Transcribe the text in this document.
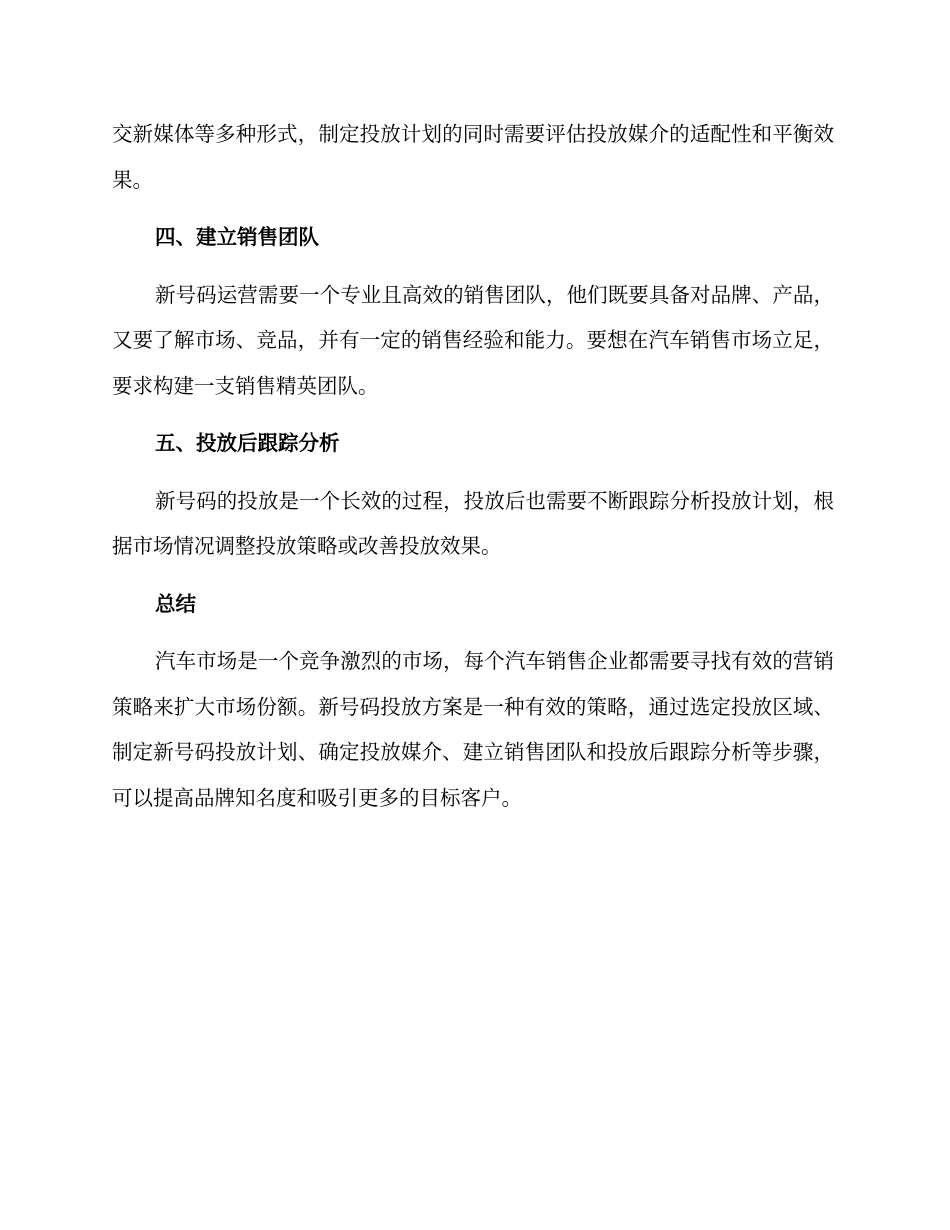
交新媒体等多种形式，制定投放计划的同时需要评估投放媒介的适配性和平衡效果。

四、建立销售团队

新号码运营需要一个专业且高效的销售团队，他们既要具备对品牌、产品，又要了解市场、竞品，并有一定的销售经验和能力。要想在汽车销售市场立足，要求构建一支销售精英团队。

五、投放后跟踪分析

新号码的投放是一个长效的过程，投放后也需要不断跟踪分析投放计划，根据市场情况调整投放策略或改善投放效果。

总结

汽车市场是一个竞争激烈的市场，每个汽车销售企业都需要寻找有效的营销策略来扩大市场份额。新号码投放方案是一种有效的策略，通过选定投放区域、制定新号码投放计划、确定投放媒介、建立销售团队和投放后跟踪分析等步骤，可以提高品牌知名度和吸引更多的目标客户。
